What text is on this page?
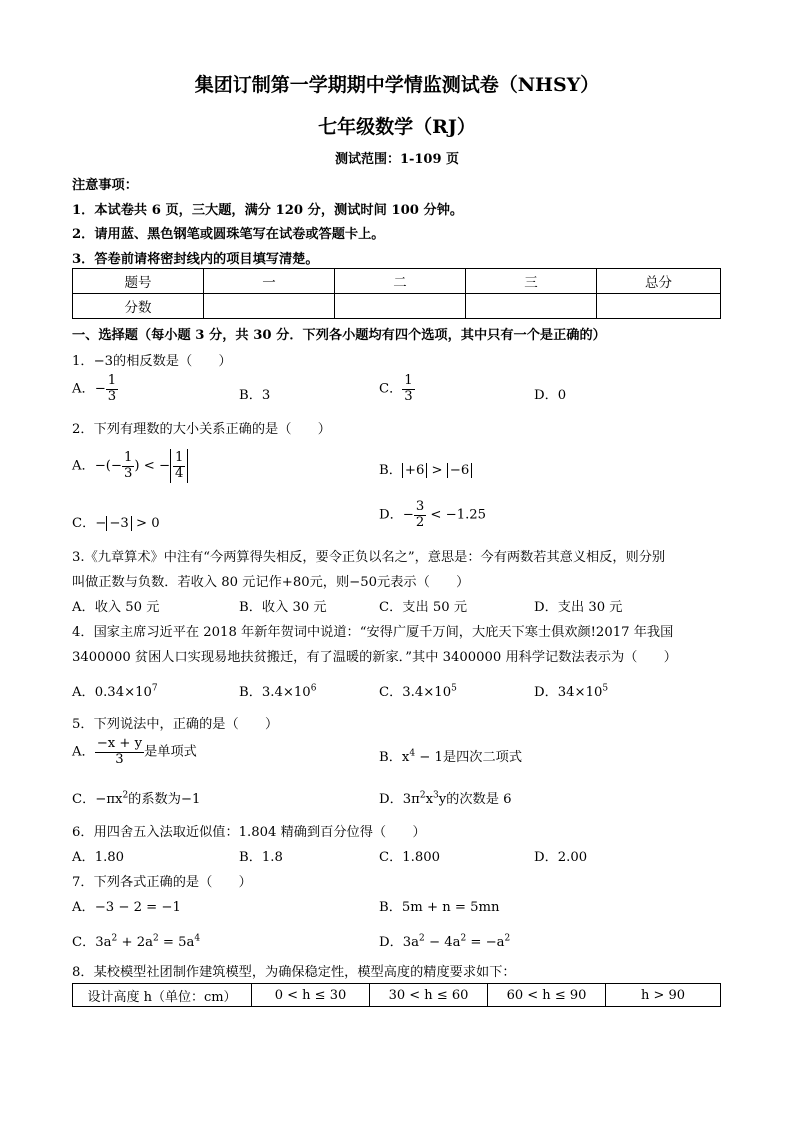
集团订制第一学期期中学情监测试卷（NHSY）
七年级数学（RJ）
测试范围：1-109 页
注意事项：
1．本试卷共 6 页，三大题，满分 120 分，测试时间 100 分钟。
2．请用蓝、黑色钢笔或圆珠笔写在试卷或答题卡上。
3．答卷前请将密封线内的项目填写清楚。
题号	一	二	三	总分
分数				
一、选择题（每小题 3 分，共 30 分．下列各小题均有四个选项，其中只有一个是正确的）
1．−3的相反数是（　　）
A．− $\frac{1}{3}$	B．3	C． $\frac{1}{3}$	D．0
2．下列有理数的大小关系正确的是（　　）
A．−(− $\frac{1}{3}$ ) < − $\frac{1}{4}$	B． +6 > −6
C．− −3 > 0
D．− $\frac{3}{2} < -1.25$
3.《九章算术》中注有“今两算得失相反，要令正负以名之”，意思是：今有两数若其意义相反，则分别
叫做正数与负数．若收入 80 元记作+80元，则−50元表示（　　）
A．收入 50 元	B．收入 30 元	C．支出 50 元	D．支出 30 元
4．国家主席习近平在 2018 年新年贺词中说道：“安得广厦千万间，大庇天下寒士俱欢颜!2017 年我国
3400000 贫困人口实现易地扶贫搬迁，有了温暖的新家．”其中 3400000 用科学记数法表示为（　　）
A．$0.34\times 10^7$	B．$3.4\times 10^6$	C．$3.4\times 10^5$	D．$34\times 10^5$
5．下列说法中，正确的是（　　）
A． $\frac{-x + y}{3}$ 是单项式	B．$x^4 - 1$是四次二项式
C．$-\pi x^2$的系数为−1	D．$3\pi^2x^3y$的次数是 6
6．用四舍五入法取近似值：1.804 精确到百分位得（　　）
A．1.80	B．1.8	C．1.800	D．2.00
7．下列各式正确的是（　　）
A．−3 − 2 = −1	B．5m + n = 5mn
C．$3a^2 + 2a^2 = 5a^4$	D．$3a^2 - 4a^2 = -a^2$
8．某校模型社团制作建筑模型，为确保稳定性，模型高度的精度要求如下：
设计高度 h（单位：cm）	0 < h ≤ 30	30 < h ≤ 60	60 < h ≤ 90	h > 90
